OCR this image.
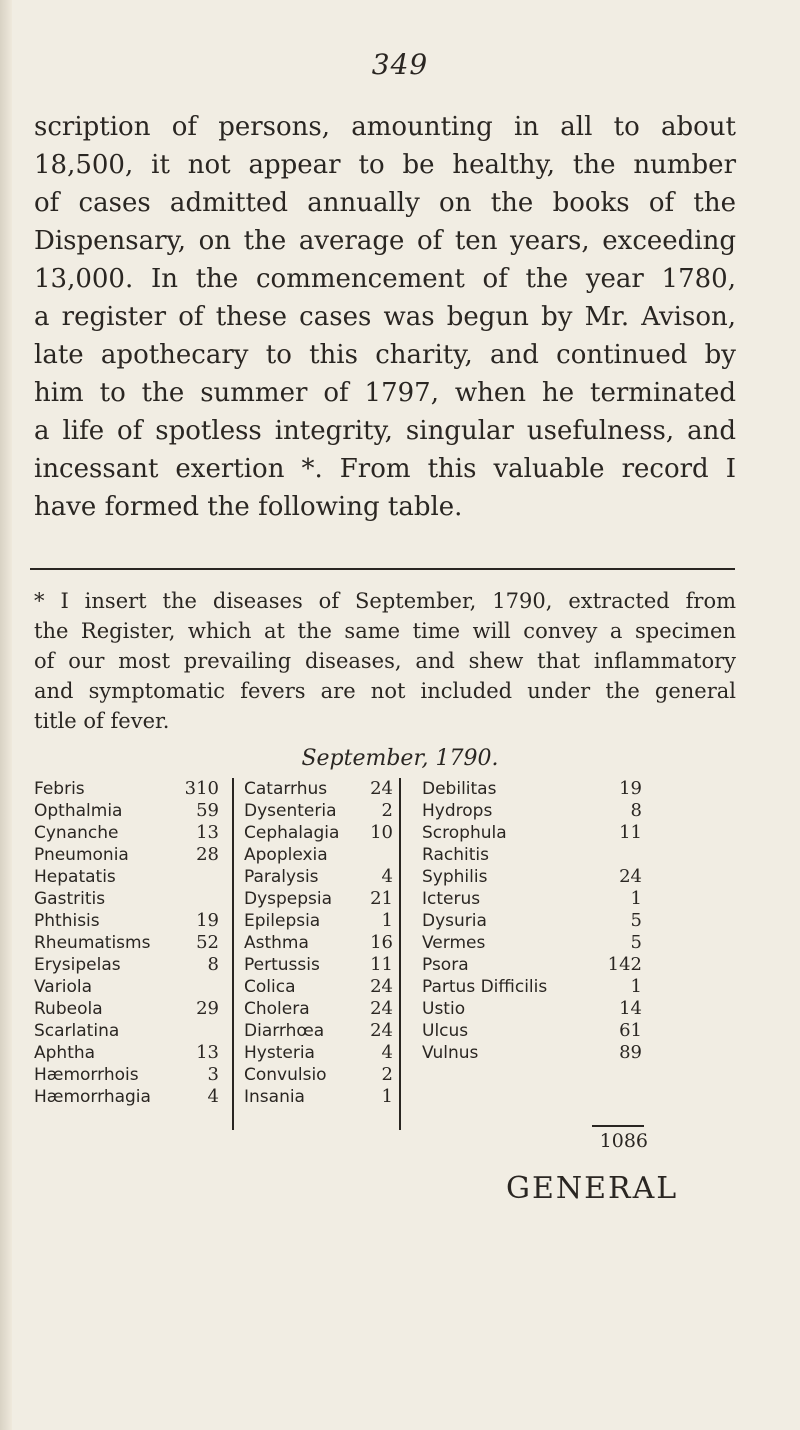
349
scription of persons, amounting in all to about
18,500, it not appear to be healthy, the number
of cases admitted annually on the books of the
Dispensary, on the average of ten years, exceeding
13,000. In the commencement of the year 1780,
a register of these cases was begun by Mr. Avison,
late apothecary to this charity, and continued by
him to the summer of 1797, when he terminated
a life of spotless integrity, singular usefulness, and
incessant exertion *. From this valuable record I
have formed the following table.
* I insert the diseases of September, 1790, extracted from
the Register, which at the same time will convey a specimen
of our most prevailing diseases, and shew that inflammatory
and symptomatic fevers are not included under the general
title of fever.
September, 1790.
Febris	310
Opthalmia	59
Cynanche	13
Pneumonia	28
Hepatatis
Gastritis
Phthisis	19
Rheumatisms	52
Erysipelas	8
Variola
Rubeola	29
Scarlatina
Aphtha	13
Hæmorrhois	3
Hæmorrhagia	4
Catarrhus 24
Dysenteria	2
Cephalagia 10
Apoplexia
Paralysis	4
Dyspepsia 21
Epilepsia	1
Asthma	16
Pertussis	11
Colica	24
Cholera	24
Diarrhœa	24
Hysteria	4
Convulsio	2
Insania	1
Debilitas	19
Hydrops	8
Scrophula	11
Rachitis
Syphilis	24
Icterus	1
Dysuria	5
Vermes	5
Psora	142
Partus Difficilis	1
Ustio	14
Ulcus	61
Vulnus	89
1086
GENERAL
